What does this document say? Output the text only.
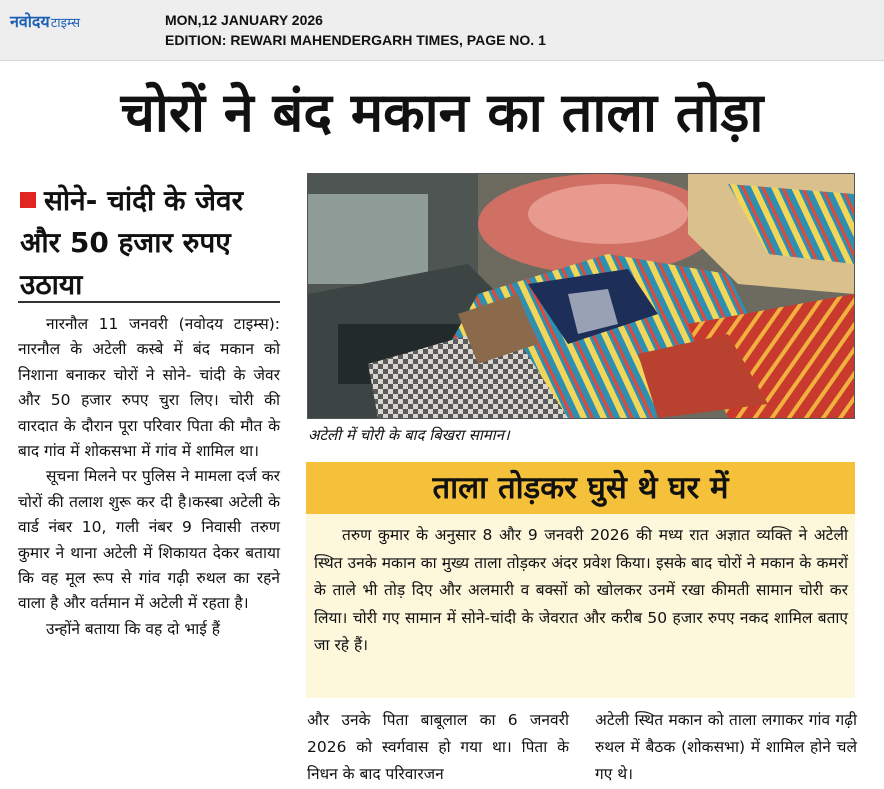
नवोदयटाइम्स	MON,12 JANUARY 2026
EDITION: REWARI MAHENDERGARH TIMES, PAGE NO. 1
चोरों ने बंद मकान का ताला तोड़ा
सोने- चांदी के जेवर और 50 हजार रुपए उठाया

नारनौल 11 जनवरी (नवोदय टाइम्स): नारनौल के अटेली कस्बे में बंद मकान को निशाना बनाकर चोरों ने सोने- चांदी के जेवर और 50 हजार रुपए चुरा लिए। चोरी की वारदात के दौरान पूरा परिवार पिता की मौत के बाद गांव में शोकसभा में गांव में शामिल था।

सूचना मिलने पर पुलिस ने मामला दर्ज कर चोरों की तलाश शुरू कर दी है।कस्बा अटेली के वार्ड नंबर 10, गली नंबर 9 निवासी तरुण कुमार ने थाना अटेली में शिकायत देकर बताया कि वह मूल रूप से गांव गढ़ी रुथल का रहने वाला है और वर्तमान में अटेली में रहता है।

उन्होंने बताया कि वह दो भाई हैं

अटेली में चोरी के बाद बिखरा सामान।
ताला तोड़कर घुसे थे घर में

तरुण कुमार के अनुसार 8 और 9 जनवरी 2026 की मध्य रात अज्ञात व्यक्ति ने अटेली स्थित उनके मकान का मुख्य ताला तोड़कर अंदर प्रवेश किया। इसके बाद चोरों ने मकान के कमरों के ताले भी तोड़ दिए और अलमारी व बक्सों को खोलकर उनमें रखा कीमती सामान चोरी कर लिया। चोरी गए सामान में सोने-चांदी के जेवरात और करीब 50 हजार रुपए नकद शामिल बताए जा रहे हैं।

और उनके पिता बाबूलाल का 6 जनवरी 2026 को स्वर्गवास हो गया था। पिता के निधन के बाद परिवारजन

अटेली स्थित मकान को ताला लगाकर गांव गढ़ी रुथल में बैठक (शोकसभा) में शामिल होने चले गए थे।
